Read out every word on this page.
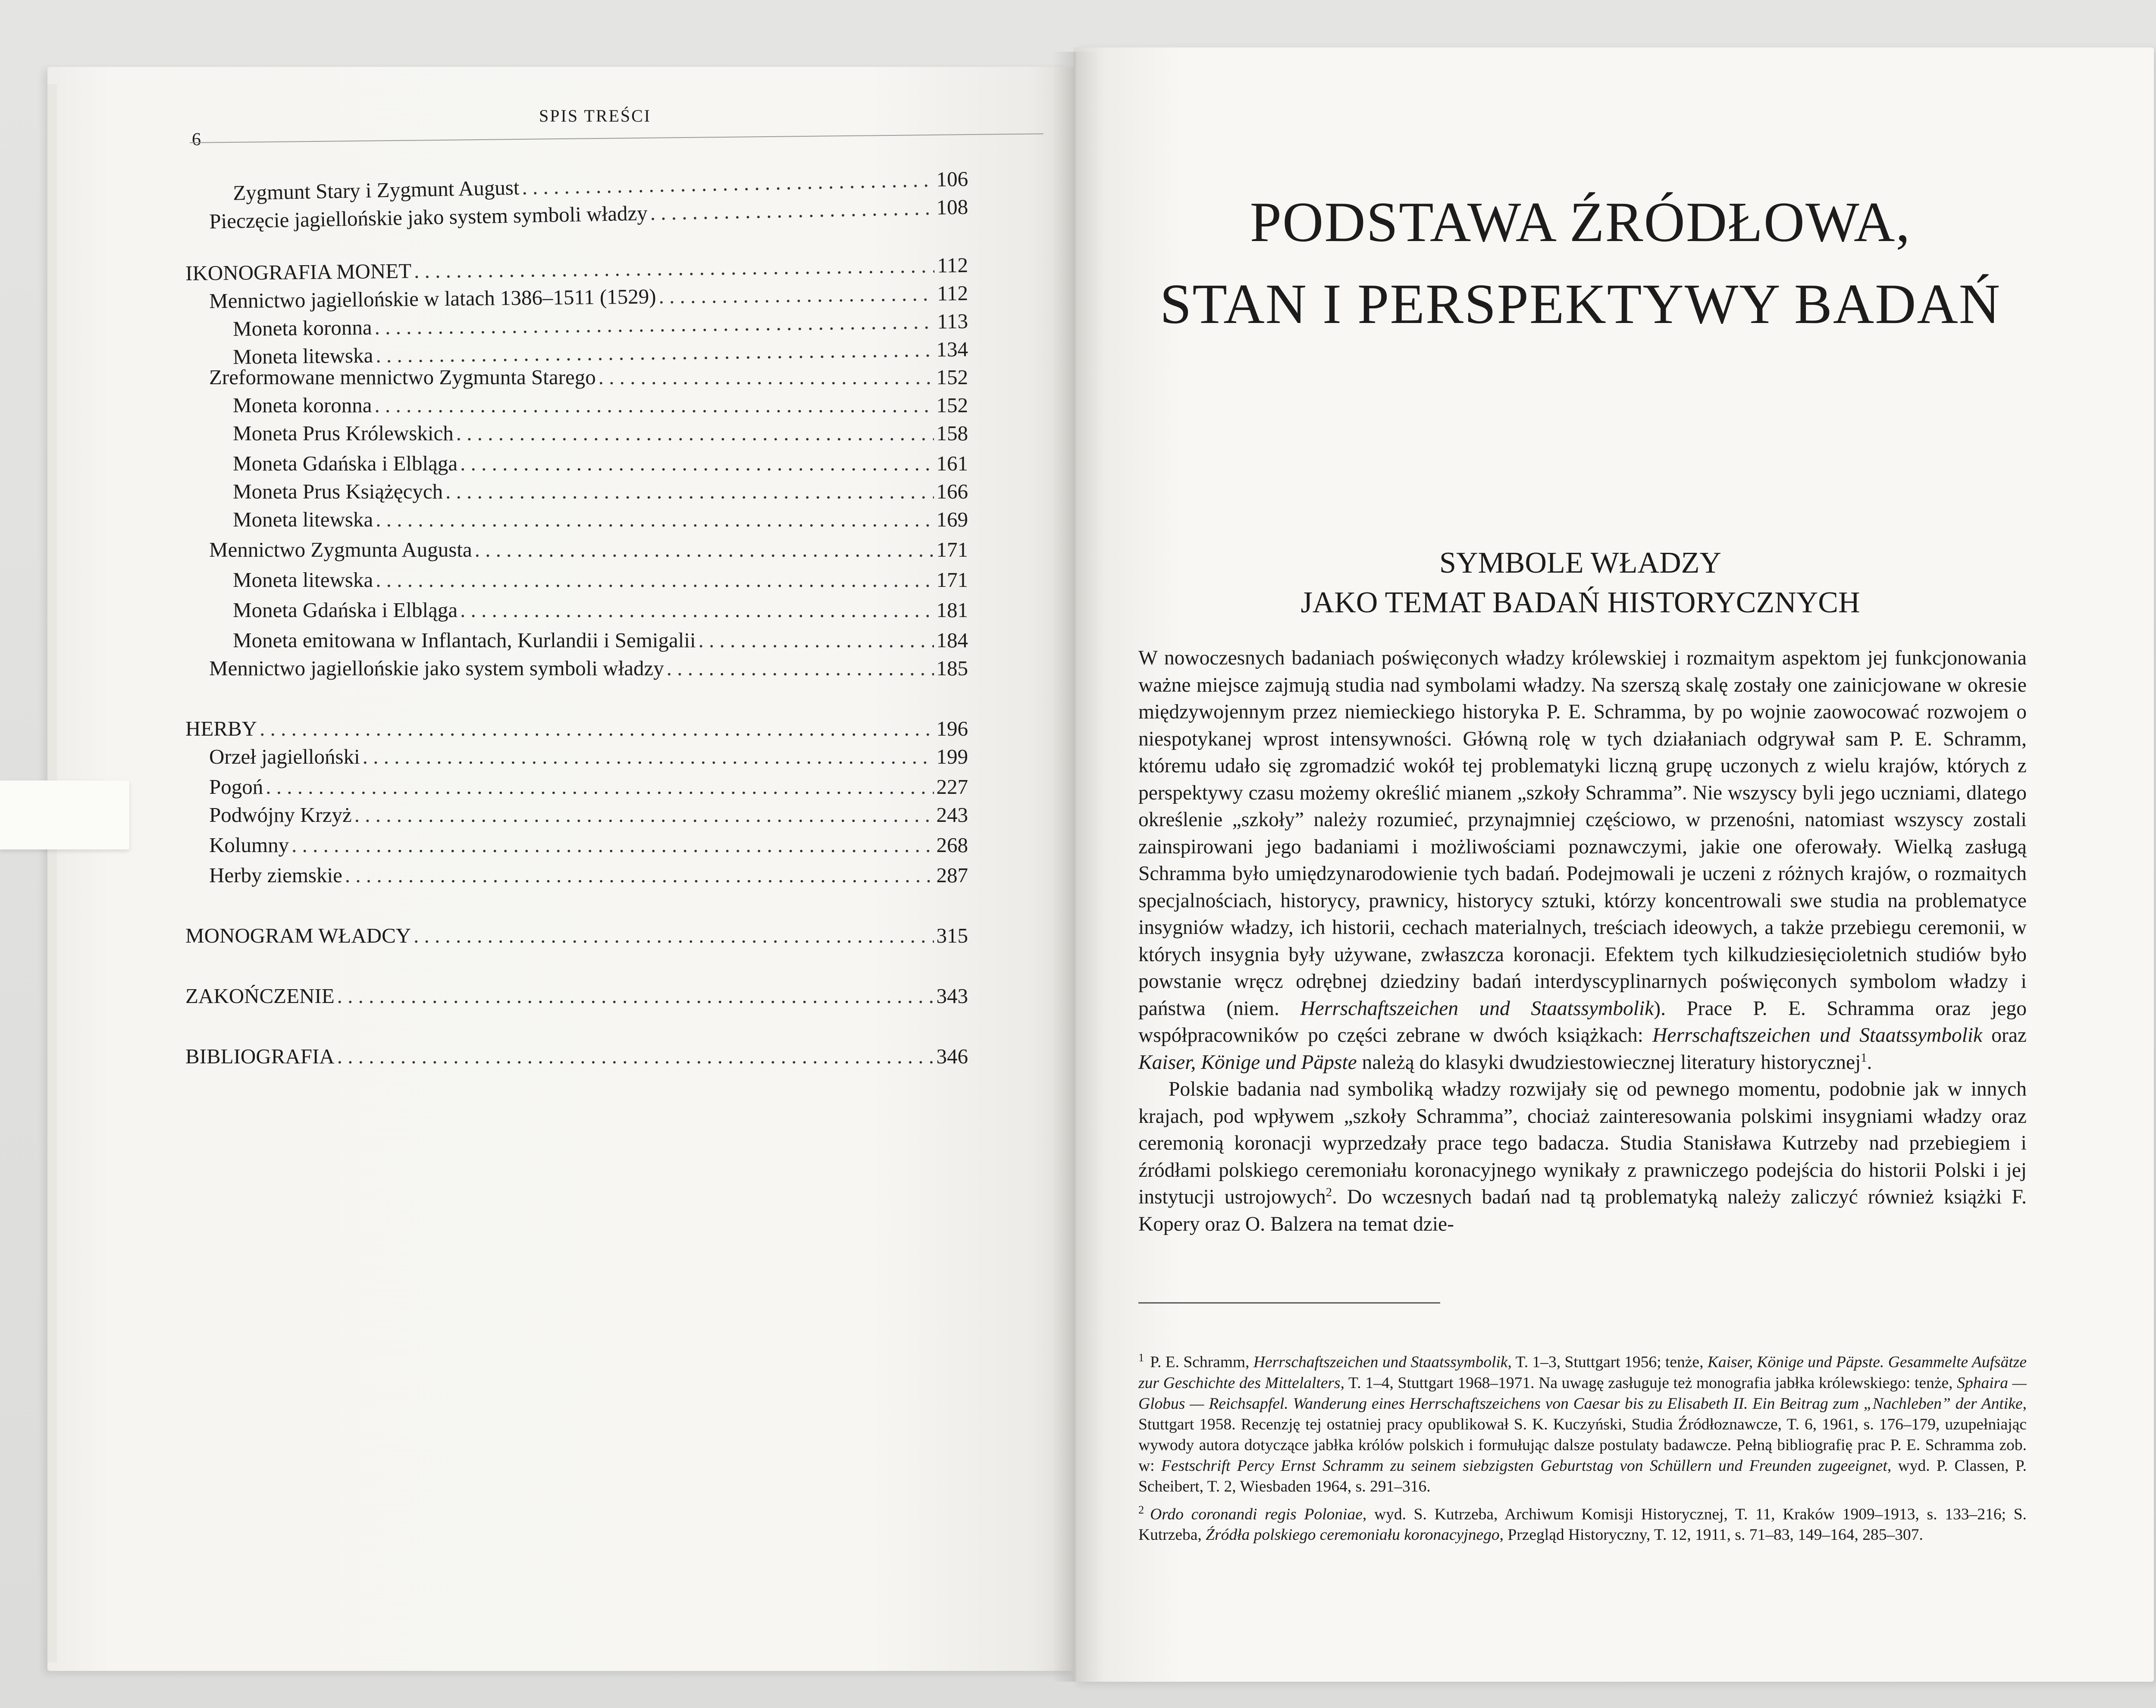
6
SPIS TREŚCI
Zygmunt Stary i Zygmunt August . . .	106
Pieczęcie jagiellońskie jako system symboli władzy . . .	108
IKONOGRAFIA MONET . . .	112
Mennictwo jagiellońskie w latach 1386–1511 (1529) . . .	112
Moneta koronna . . .	113
Moneta litewska . . .	134
Zreformowane mennictwo Zygmunta Starego . . .	152
Moneta koronna . . .	152
Moneta Prus Królewskich . . .	158
Moneta Gdańska i Elbląga . . .	161
Moneta Prus Książęcych . . .	166
Moneta litewska . . .	169
Mennictwo Zygmunta Augusta . . .	171
Moneta litewska . . .	171
Moneta Gdańska i Elbląga . . .	181
Moneta emitowana w Inflantach, Kurlandii i Semigalii . . .	184
Mennictwo jagiellońskie jako system symboli władzy . . .	185
HERBY . . .	196
Orzeł jagielloński . . .	199
Pogoń . . .	227
Podwójny Krzyż . . .	243
Kolumny . . .	268
Herby ziemskie . . .	287
MONOGRAM WŁADCY . . .	315
ZAKOŃCZENIE . . .	343
BIBLIOGRAFIA . . .	346
PODSTAWA ŹRÓDŁOWA,
STAN I PERSPEKTYWY BADAŃ
SYMBOLE WŁADZY
JAKO TEMAT BADAŃ HISTORYCZNYCH

W nowoczesnych badaniach poświęconych władzy królewskiej i rozmaitym aspektom jej funkcjonowania ważne miejsce zajmują studia nad symbolami władzy. Na szerszą skalę zostały one zainicjowane w okresie międzywojennym przez niemieckiego historyka P. E. Schramma, by po wojnie zaowocować rozwojem o niespotykanej wprost intensywności. Główną rolę w tych działaniach odgrywał sam P. E. Schramm, któremu udało się zgromadzić wokół tej problematyki liczną grupę uczonych z wielu krajów, których z perspektywy czasu możemy określić mianem „szkoły Schramma”. Nie wszyscy byli jego uczniami, dlatego określenie „szkoły” należy rozumieć, przynajmniej częściowo, w przenośni, natomiast wszyscy zostali zainspirowani jego badaniami i możliwościami poznawczymi, jakie one oferowały. Wielką zasługą Schramma było umiędzynarodowienie tych badań. Podejmowali je uczeni z różnych krajów, o rozmaitych specjalnościach, historycy, prawnicy, historycy sztuki, którzy koncentrowali swe studia na problematyce insygniów władzy, ich historii, cechach materialnych, treściach ideowych, a także przebiegu ceremonii, w których insygnia były używane, zwłaszcza koronacji. Efektem tych kilkudziesięcioletnich studiów było powstanie wręcz odrębnej dziedziny badań interdyscyplinarnych poświęconych symbolom władzy i państwa (niem. Herrschaftszeichen und Staatssymbolik). Prace P. E. Schramma oraz jego współpracowników po części zebrane w dwóch książkach: Herrschaftszeichen und Staatssymbolik oraz Kaiser, Könige und Päpste należą do klasyki dwudziestowiecznej literatury historycznej$^1$.

Polskie badania nad symboliką władzy rozwijały się od pewnego momentu, podobnie jak w innych krajach, pod wpływem „szkoły Schramma”, chociaż zainteresowania polskimi insygniami władzy oraz ceremonią koronacji wyprzedzały prace tego badacza. Studia Stanisława Kutrzeby nad przebiegiem i źródłami polskiego ceremoniału koronacyjnego wynikały z prawniczego podejścia do historii Polski i jej instytucji ustrojowych$^2$. Do wczesnych badań nad tą problematyką należy zaliczyć również książki F. Kopery oraz O. Balzera na temat dzie-

$^1$ P. E. Schramm, Herrschaftszeichen und Staatssymbolik, T. 1–3, Stuttgart 1956; tenże, Kaiser, Könige und Päpste. Gesammelte Aufsätze zur Geschichte des Mittelalters, T. 1–4, Stuttgart 1968–1971. Na uwagę zasługuje też monografia jabłka królewskiego: tenże, Sphaira — Globus — Reichsapfel. Wanderung eines Herrschaftszeichens von Caesar bis zu Elisabeth II. Ein Beitrag zum „Nachleben” der Antike, Stuttgart 1958. Recenzję tej ostatniej pracy opublikował S. K. Kuczyński, Studia Źródłoznawcze, T. 6, 1961, s. 176–179, uzupełniając wywody autora dotyczące jabłka królów polskich i formułując dalsze postulaty badawcze. Pełną bibliografię prac P. E. Schramma zob. w: Festschrift Percy Ernst Schramm zu seinem siebzigsten Geburtstag von Schüllern und Freunden zugeeignet, wyd. P. Classen, P. Scheibert, T. 2, Wiesbaden 1964, s. 291–316.

$^2$ Ordo coronandi regis Poloniae, wyd. S. Kutrzeba, Archiwum Komisji Historycznej, T. 11, Kraków 1909–1913, s. 133–216; S. Kutrzeba, Źródła polskiego ceremoniału koronacyjnego, Przegląd Historyczny, T. 12, 1911, s. 71–83, 149–164, 285–307.
